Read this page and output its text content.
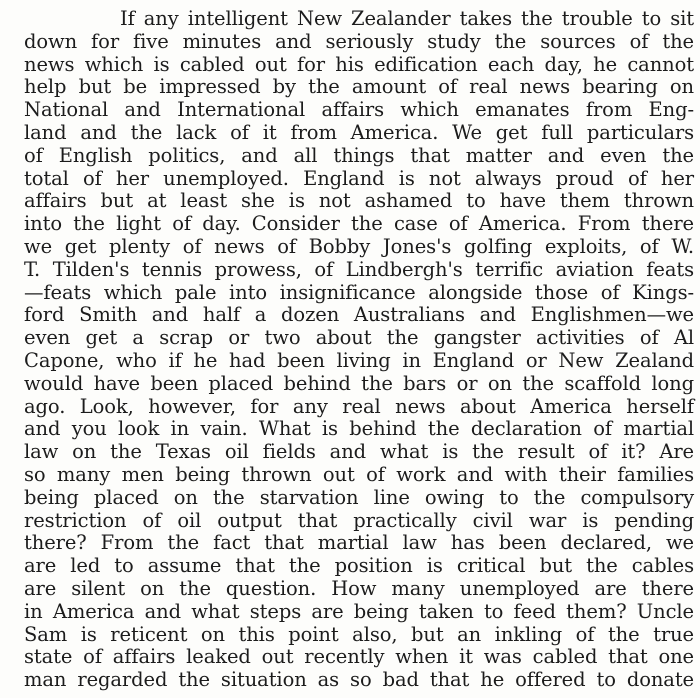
If any intelligent New Zealander takes the trouble to sit
down for five minutes and seriously study the sources of the
news which is cabled out for his edification each day, he cannot
help but be impressed by the amount of real news bearing on
National and International affairs which emanates from Eng-
land and the lack of it from America. We get full particulars
of English politics, and all things that matter and even the
total of her unemployed. England is not always proud of her
affairs but at least she is not ashamed to have them thrown
into the light of day. Consider the case of America. From there
we get plenty of news of Bobby Jones's golfing exploits, of W.
T. Tilden's tennis prowess, of Lindbergh's terrific aviation feats
—feats which pale into insignificance alongside those of Kings-
ford Smith and half a dozen Australians and Englishmen—we
even get a scrap or two about the gangster activities of Al
Capone, who if he had been living in England or New Zealand
would have been placed behind the bars or on the scaffold long
ago. Look, however, for any real news about America herself
and you look in vain. What is behind the declaration of martial
law on the Texas oil fields and what is the result of it? Are
so many men being thrown out of work and with their families
being placed on the starvation line owing to the compulsory
restriction of oil output that practically civil war is pending
there? From the fact that martial law has been declared, we
are led to assume that the position is critical but the cables
are silent on the question. How many unemployed are there
in America and what steps are being taken to feed them? Uncle
Sam is reticent on this point also, but an inkling of the true
state of affairs leaked out recently when it was cabled that one
man regarded the situation as so bad that he offered to donate
